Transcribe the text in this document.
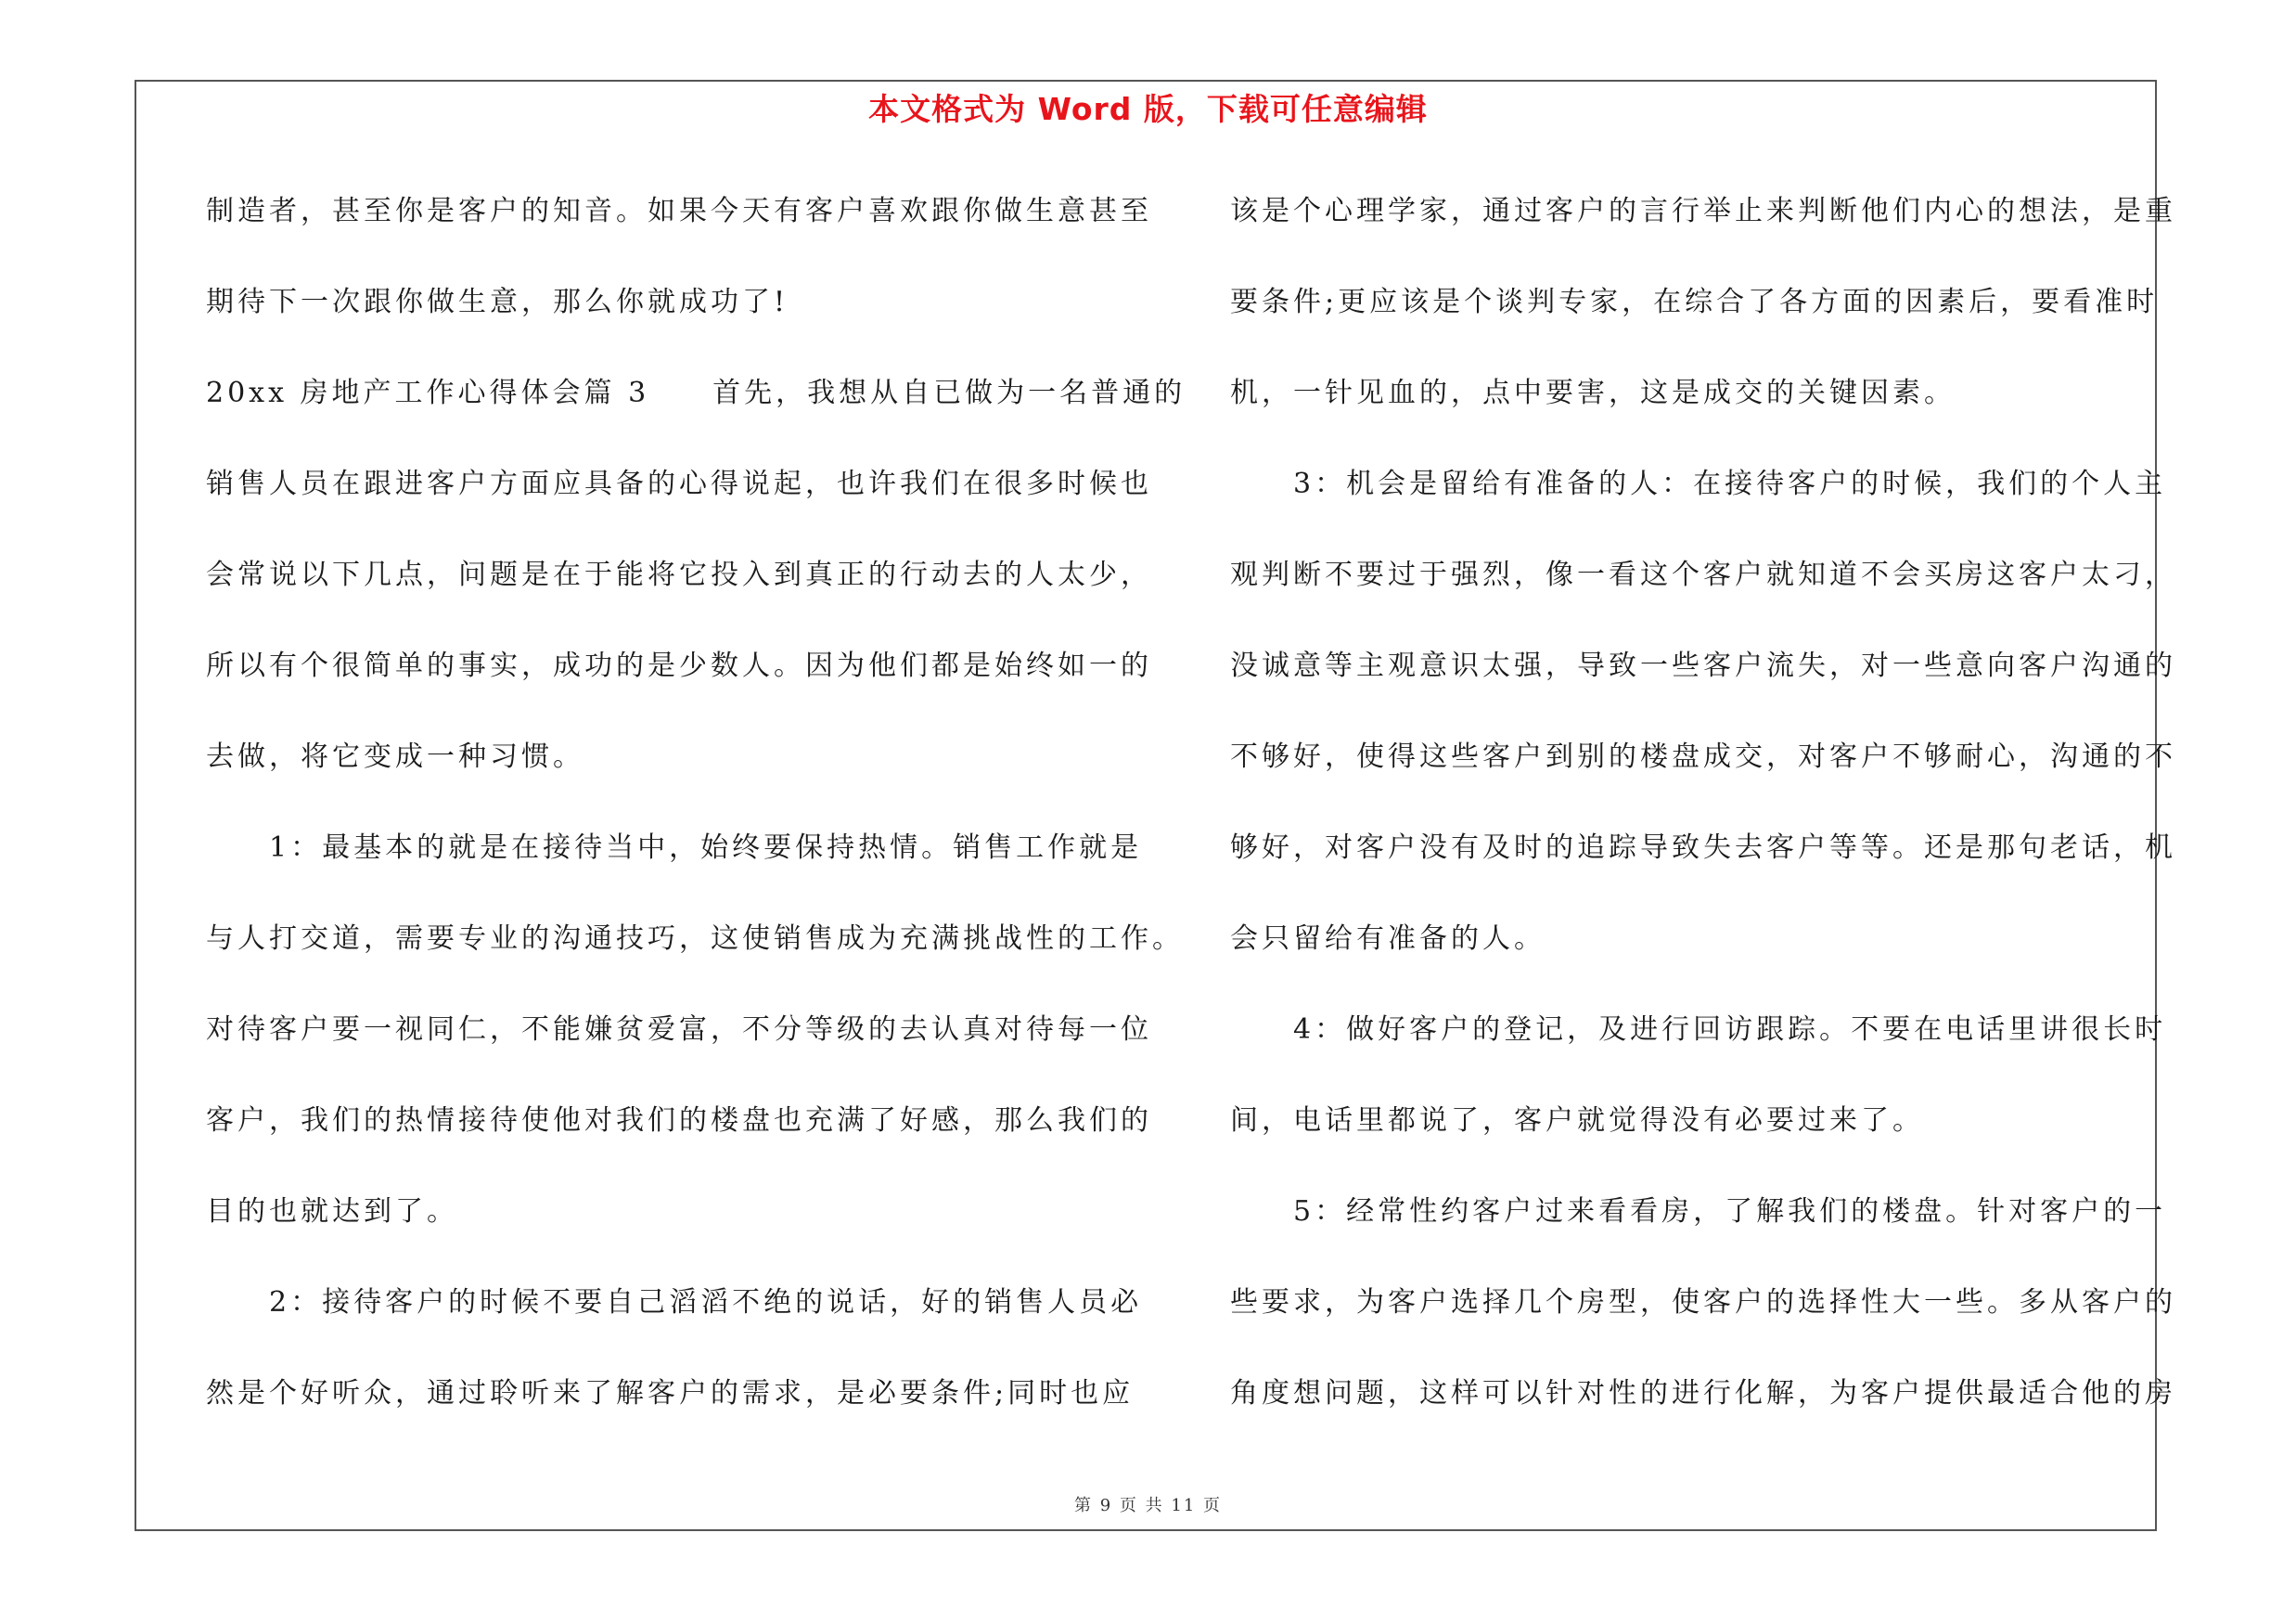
本文格式为 Word 版，下载可任意编辑
制造者，甚至你是客户的知音。如果今天有客户喜欢跟你做生意甚至
期待下一次跟你做生意，那么你就成功了!
20xx 房地产工作心得体会篇 3　　首先，我想从自已做为一名普通的
销售人员在跟进客户方面应具备的心得说起，也许我们在很多时候也
会常说以下几点，问题是在于能将它投入到真正的行动去的人太少，
所以有个很简单的事实，成功的是少数人。因为他们都是始终如一的
去做，将它变成一种习惯。
　　1：最基本的就是在接待当中，始终要保持热情。销售工作就是
与人打交道，需要专业的沟通技巧，这使销售成为充满挑战性的工作。
对待客户要一视同仁，不能嫌贫爱富，不分等级的去认真对待每一位
客户，我们的热情接待使他对我们的楼盘也充满了好感，那么我们的
目的也就达到了。
　　2：接待客户的时候不要自己滔滔不绝的说话，好的销售人员必
然是个好听众，通过聆听来了解客户的需求，是必要条件;同时也应
该是个心理学家，通过客户的言行举止来判断他们内心的想法，是重
要条件;更应该是个谈判专家，在综合了各方面的因素后，要看准时
机，一针见血的，点中要害，这是成交的关键因素。
　　3：机会是留给有准备的人：在接待客户的时候，我们的个人主
观判断不要过于强烈，像一看这个客户就知道不会买房这客户太刁，
没诚意等主观意识太强，导致一些客户流失，对一些意向客户沟通的
不够好，使得这些客户到别的楼盘成交，对客户不够耐心，沟通的不
够好，对客户没有及时的追踪导致失去客户等等。还是那句老话，机
会只留给有准备的人。
　　4：做好客户的登记，及进行回访跟踪。不要在电话里讲很长时
间，电话里都说了，客户就觉得没有必要过来了。
　　5：经常性约客户过来看看房，了解我们的楼盘。针对客户的一
些要求，为客户选择几个房型，使客户的选择性大一些。多从客户的
角度想问题，这样可以针对性的进行化解，为客户提供最适合他的房
第 9 页 共 11 页
